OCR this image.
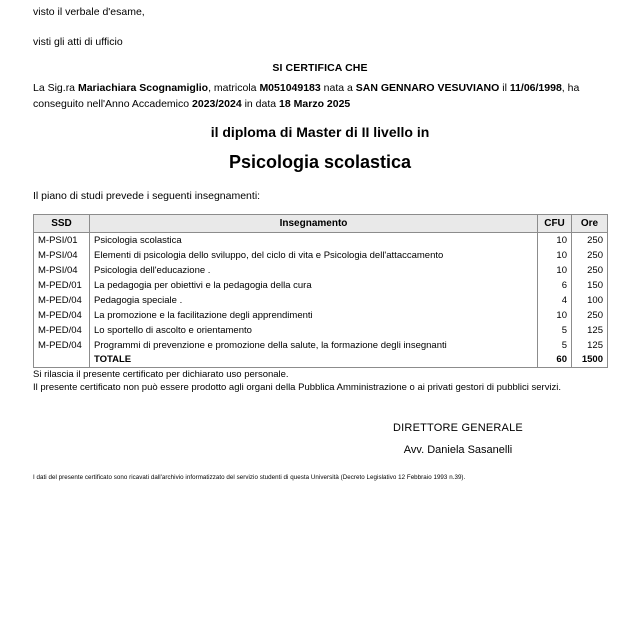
visto il verbale d'esame,

visti gli atti di ufficio

SI CERTIFICA CHE
La Sig.ra Mariachiara Scognamiglio, matricola M051049183 nata a SAN GENNARO VESUVIANO il 11/06/1998, ha conseguito nell'Anno Accademico 2023/2024 in data 18 Marzo 2025
il diploma di Master di II livello in
Psicologia scolastica
Il piano di studi prevede i seguenti insegnamenti:
SSD	Insegnamento	CFU	Ore
M-PSI/01	Psicologia scolastica	10	250
M-PSI/04	Elementi di psicologia dello sviluppo, del ciclo di vita e Psicologia dell'attaccamento	10	250
M-PSI/04	Psicologia dell'educazione .	10	250
M-PED/01	La pedagogia per obiettivi e la pedagogia della cura	6	150
M-PED/04	Pedagogia speciale .	4	100
M-PED/04	La promozione e la facilitazione degli apprendimenti	10	250
M-PED/04	Lo sportello di ascolto e orientamento	5	125
M-PED/04	Programmi di prevenzione e promozione della salute, la formazione degli insegnanti	5	125
	TOTALE	60	1500
Si rilascia il presente certificato per dichiarato uso personale.
Il presente certificato non può essere prodotto agli organi della Pubblica Amministrazione o ai privati gestori di pubblici servizi.
DIRETTORE GENERALE
Avv. Daniela Sasanelli
I dati del presente certificato sono ricavati dall'archivio informatizzato del servizio studenti di questa Università (Decreto Legislativo 12 Febbraio 1993 n.39).
